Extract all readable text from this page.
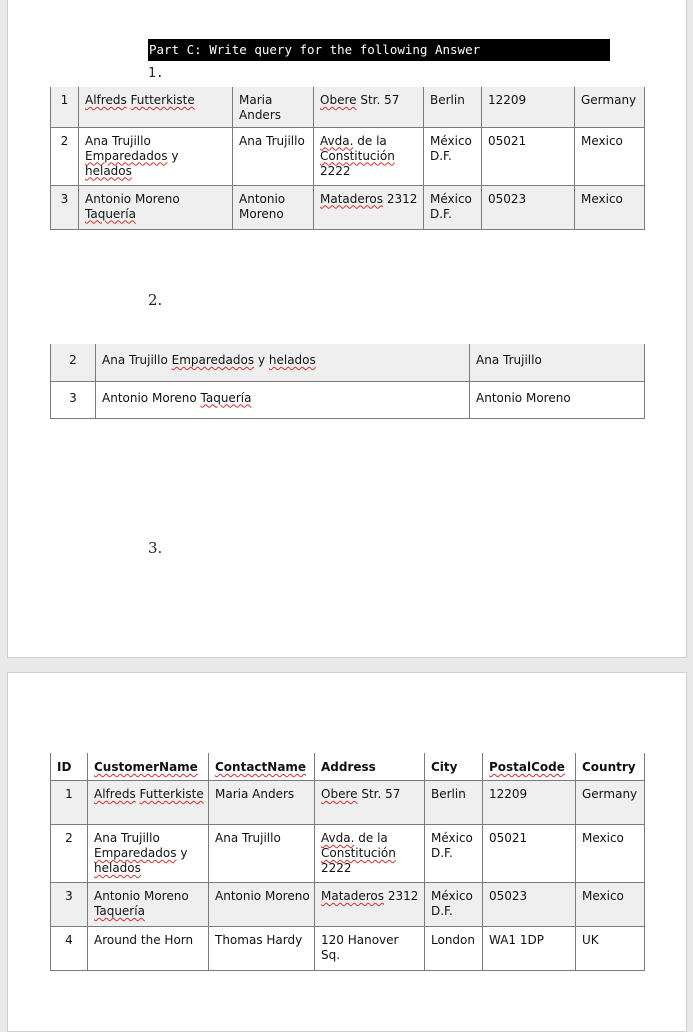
Part C: Write query for the following Answer
1.
1	Alfreds Futterkiste	Maria Anders	Obere Str. 57	Berlin	12209	Germany
2	Ana Trujillo Emparedados y helados	Ana Trujillo	Avda. de la Constitución 2222	México D.F.	05021	Mexico
3	Antonio Moreno Taquería	Antonio Moreno	Mataderos 2312	México D.F.	05023	Mexico
2.
2	Ana Trujillo Emparedados y helados	Ana Trujillo
3	Antonio Moreno Taquería	Antonio Moreno
3.
ID	CustomerName	ContactName	Address	City	PostalCode	Country
1	Alfreds Futterkiste	Maria Anders	Obere Str. 57	Berlin	12209	Germany
2	Ana Trujillo Emparedados y helados	Ana Trujillo	Avda. de la Constitución 2222	México D.F.	05021	Mexico
3	Antonio Moreno Taquería	Antonio Moreno	Mataderos 2312	México D.F.	05023	Mexico
4	Around the Horn	Thomas Hardy	120 Hanover Sq.	London	WA1 1DP	UK
